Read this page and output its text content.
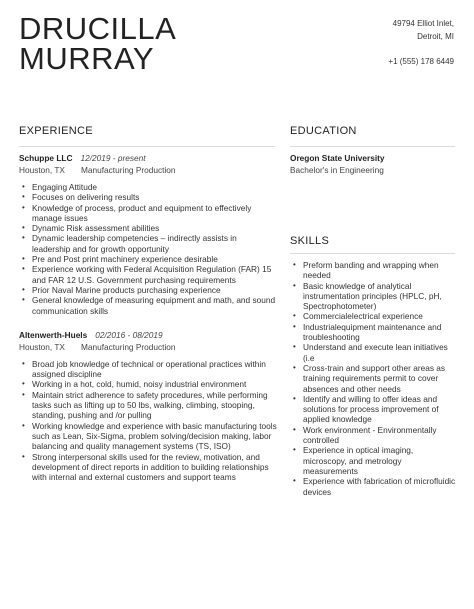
DRUCILLA
MURRAY
49794 Elliot Inlet,
Detroit, MI
+1 (555) 178 6449
EXPERIENCE	EDUCATION
Schuppe LLC 12/2019 - present
Houston, TX Manufacturing Production
• Engaging Attitude
• Focuses on delivering results
• Knowledge of process, product and equipment to effectively manage issues
• Dynamic Risk assessment abilities
• Dynamic leadership competencies – indirectly assists in leadership and for growth opportunity
• Pre and Post print machinery experience desirable
• Experience working with Federal Acquisition Regulation (FAR) 15 and FAR 12 U.S. Government purchasing requirements
• Prior Naval Marine products purchasing experience
• General knowledge of measuring equipment and math, and sound communication skills
Altenwerth-Huels 02/2016 - 08/2019
Houston, TX Manufacturing Production
• Broad job knowledge of technical or operational practices within assigned discipline
• Working in a hot, cold, humid, noisy industrial environment
• Maintain strict adherence to safety procedures, while performing tasks such as lifting up to 50 lbs, walking, climbing, stooping, standing, pushing and /or pulling
• Working knowledge and experience with basic manufacturing tools such as Lean, Six-Sigma, problem solving/decision making, labor balancing and quality management systems (TS, ISO)
• Strong interpersonal skills used for the review, motivation, and development of direct reports in addition to building relationships with internal and external customers and support teams
Oregon State University
Bachelor's in Engineering
SKILLS
• Preform banding and wrapping when needed
• Basic knowledge of analytical instrumentation principles (HPLC, pH, Spectrophotometer)
• Commercialelectrical experience
• Industrialequipment maintenance and troubleshooting
• Understand and execute lean initiatives (i.e
• Cross-train and support other areas as training requirements permit to cover absences and other needs
• Identify and willing to offer ideas and solutions for process improvement of applied knowledge
• Work environment - Environmentally controlled
• Experience in optical imaging, microscopy, and metrology measurements
• Experience with fabrication of microfluidic devices
